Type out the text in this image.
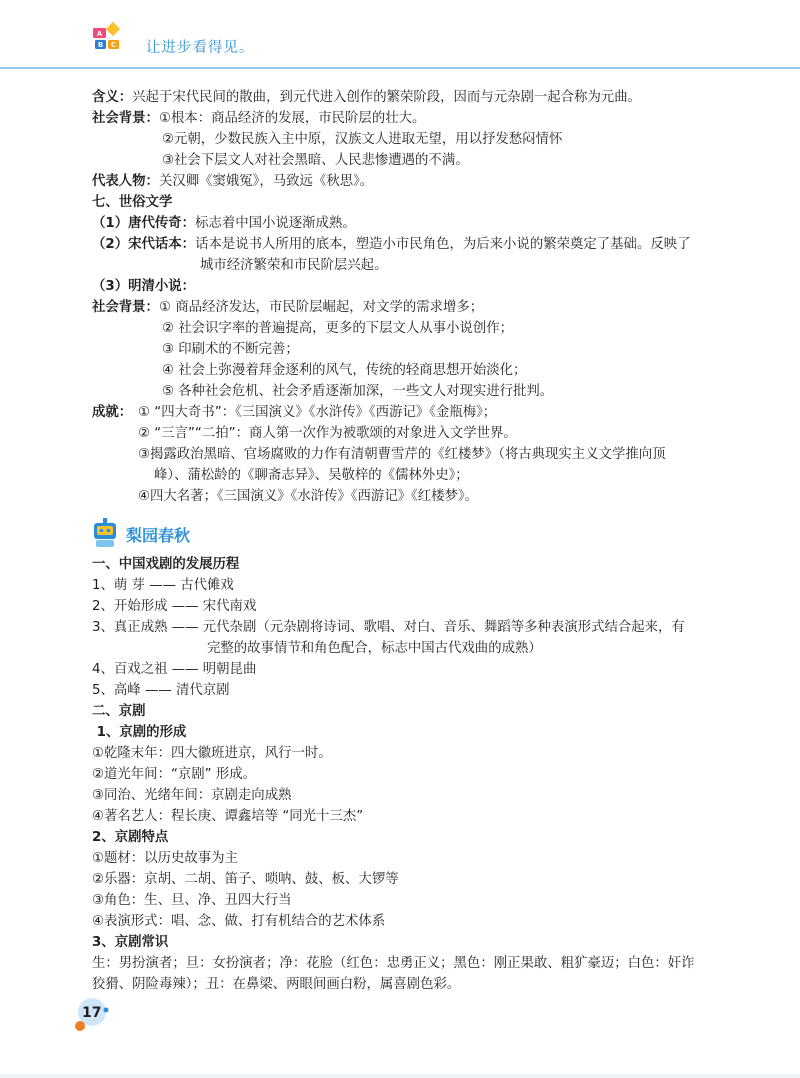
A
B C 让进步看得见。
含义：兴起于宋代民间的散曲，到元代进入创作的繁荣阶段，因而与元杂剧一起合称为元曲。
社会背景：①根本：商品经济的发展，市民阶层的壮大。
②元朝，少数民族入主中原，汉族文人进取无望，用以抒发愁闷情怀
③社会下层文人对社会黑暗、人民悲惨遭遇的不满。
代表人物：关汉卿《窦娥冤》，马致远《秋思》。
七、世俗文学
（1）唐代传奇：标志着中国小说逐渐成熟。
（2）宋代话本：话本是说书人所用的底本，塑造小市民角色，为后来小说的繁荣奠定了基础。反映了
城市经济繁荣和市民阶层兴起。
（3）明清小说：
社会背景：① 商品经济发达，市民阶层崛起，对文学的需求增多；
② 社会识字率的普遍提高，更多的下层文人从事小说创作；
③ 印刷术的不断完善；
④ 社会上弥漫着拜金逐利的风气，传统的轻商思想开始淡化；
⑤ 各种社会危机、社会矛盾逐渐加深，一些文人对现实进行批判。
成就： ① “四大奇书”：《三国演义》《水浒传》《西游记》《金瓶梅》；
② “三言”“二拍”：商人第一次作为被歌颂的对象进入文学世界。
③揭露政治黑暗、官场腐败的力作有清朝曹雪芹的《红楼梦》（将古典现实主义文学推向顶
峰）、蒲松龄的《聊斋志异》、吴敬梓的《儒林外史》；
④四大名著；《三国演义》《水浒传》《西游记》《红楼梦》。
梨园春秋
一、中国戏剧的发展历程
1、萌 芽 —— 古代傩戏
2、开始形成 —— 宋代南戏
3、真正成熟 —— 元代杂剧（元杂剧将诗词、歌唱、对白、音乐、舞蹈等多种表演形式结合起来，有
完整的故事情节和角色配合，标志中国古代戏曲的成熟）
4、百戏之祖 —— 明朝昆曲
5、高峰 —— 清代京剧
二、京剧
1、京剧的形成
①乾隆末年：四大徽班进京，风行一时。
②道光年间：“京剧” 形成。
③同治、光绪年间：京剧走向成熟
④著名艺人：程长庚、谭鑫培等 “同光十三杰”
2、京剧特点
①题材：以历史故事为主
②乐器：京胡、二胡、笛子、唢呐、鼓、板、大锣等
③角色：生、旦、净、丑四大行当
④表演形式：唱、念、做、打有机结合的艺术体系
3、京剧常识
生：男扮演者；旦：女扮演者；净：花脸（红色：忠勇正义；黑色：刚正果敢、粗犷豪迈；白色：奸诈
狡猾、阴险毒辣）；丑：在鼻梁、两眼间画白粉，属喜剧色彩。
17
